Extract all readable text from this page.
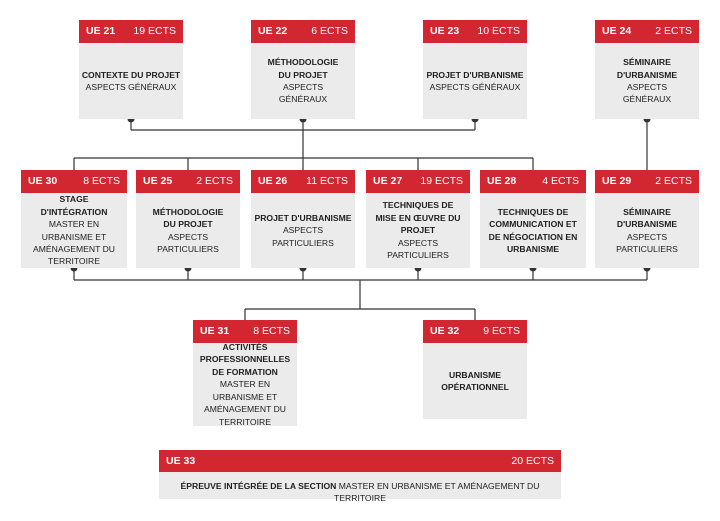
UE 21 19 ECTS
CONTEXTE DU PROJET
ASPECTS GÉNÉRAUX
UE 22 6 ECTS
MÉTHODOLOGIE DU PROJET
ASPECTS GÉNÉRAUX
UE 23 10 ECTS
PROJET D'URBANISME
ASPECTS GÉNÉRAUX
UE 24 2 ECTS
SÉMINAIRE D'URBANISME
ASPECTS GÉNÉRAUX
UE 30 8 ECTS
STAGE D'INTÉGRATION
MASTER EN URBANISME ET AMÉNAGEMENT DU TERRITOIRE
UE 25 2 ECTS
MÉTHODOLOGIE DU PROJET
ASPECTS PARTICULIERS
UE 26 11 ECTS
PROJET D'URBANISME
ASPECTS PARTICULIERS
UE 27 19 ECTS
TECHNIQUES DE MISE EN ŒUVRE DU PROJET
ASPECTS PARTICULIERS
UE 28 4 ECTS
TECHNIQUES DE COMMUNICATION ET DE NÉGOCIATION EN URBANISME
UE 29 2 ECTS
SÉMINAIRE D'URBANISME
ASPECTS PARTICULIERS
UE 31 8 ECTS
ACTIVITÉS PROFESSIONNELLES DE FORMATION
MASTER EN URBANISME ET AMÉNAGEMENT DU TERRITOIRE
UE 32 9 ECTS
URBANISME OPÉRATIONNEL
UE 33	20 ECTS
ÉPREUVE INTÉGRÉE DE LA SECTION MASTER EN URBANISME ET AMÉNAGEMENT DU TERRITOIRE
